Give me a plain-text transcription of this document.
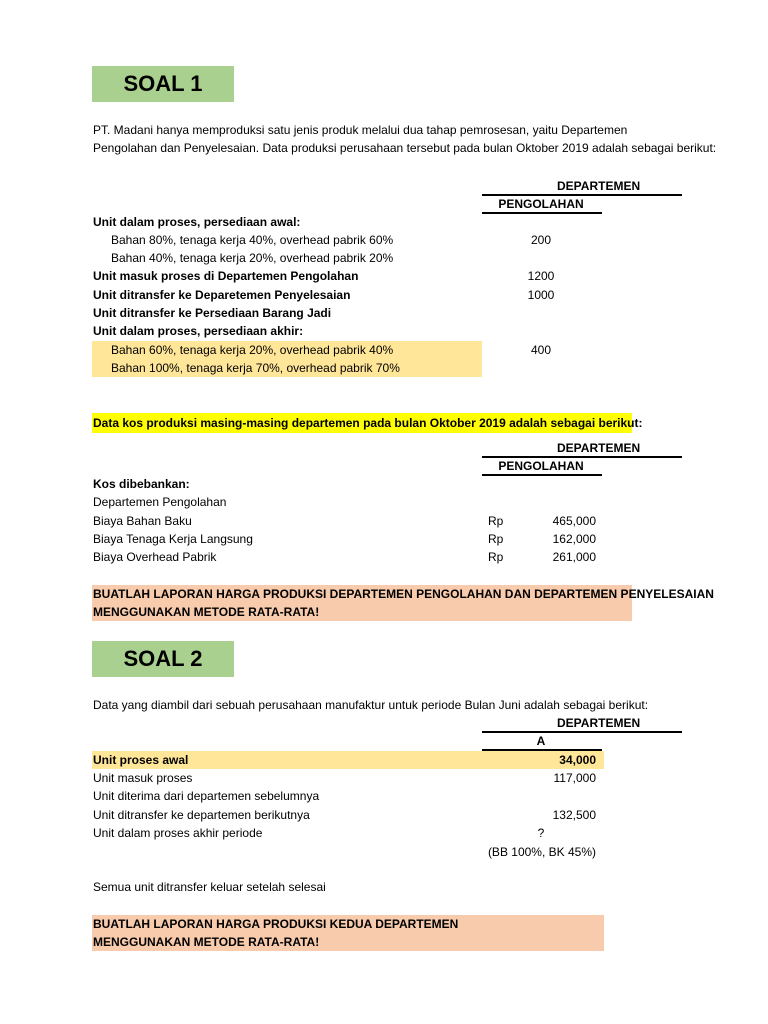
SOAL 1
PT. Madani hanya memproduksi satu jenis produk melalui dua tahap pemrosesan, yaitu Departemen
Pengolahan dan Penyelesaian. Data produksi perusahaan tersebut pada bulan Oktober 2019 adalah sebagai berikut:
DEPARTEMEN
PENGOLAHAN
Unit dalam proses, persediaan awal:
Bahan 80%, tenaga kerja 40%, overhead pabrik 60%	200
Bahan 40%, tenaga kerja 20%, overhead pabrik 20%
Unit masuk proses di Departemen Pengolahan	1200
Unit ditransfer ke Deparetemen Penyelesaian	1000
Unit ditransfer ke Persediaan Barang Jadi
Unit dalam proses, persediaan akhir:
Bahan 60%, tenaga kerja 20%, overhead pabrik 40%	400
Bahan 100%, tenaga kerja 70%, overhead pabrik 70%
Data kos produksi masing-masing departemen pada bulan Oktober 2019 adalah sebagai berikut:
DEPARTEMEN
PENGOLAHAN
Kos dibebankan:
Departemen Pengolahan
Biaya Bahan Baku	Rp	465,000
Biaya Tenaga Kerja Langsung	Rp	162,000
Biaya Overhead Pabrik	Rp	261,000
BUATLAH LAPORAN HARGA PRODUKSI DEPARTEMEN PENGOLAHAN DAN DEPARTEMEN PENYELESAIAN
MENGGUNAKAN METODE RATA-RATA!
SOAL 2
Data yang diambil dari sebuah perusahaan manufaktur untuk periode Bulan Juni adalah sebagai berikut:
DEPARTEMEN
A
Unit proses awal	34,000
Unit masuk proses	117,000
Unit diterima dari departemen sebelumnya
Unit ditransfer ke departemen berikutnya	132,500
Unit dalam proses akhir periode	?
(BB 100%, BK 45%)
Semua unit ditransfer keluar setelah selesai
BUATLAH LAPORAN HARGA PRODUKSI KEDUA DEPARTEMEN
MENGGUNAKAN METODE RATA-RATA!
